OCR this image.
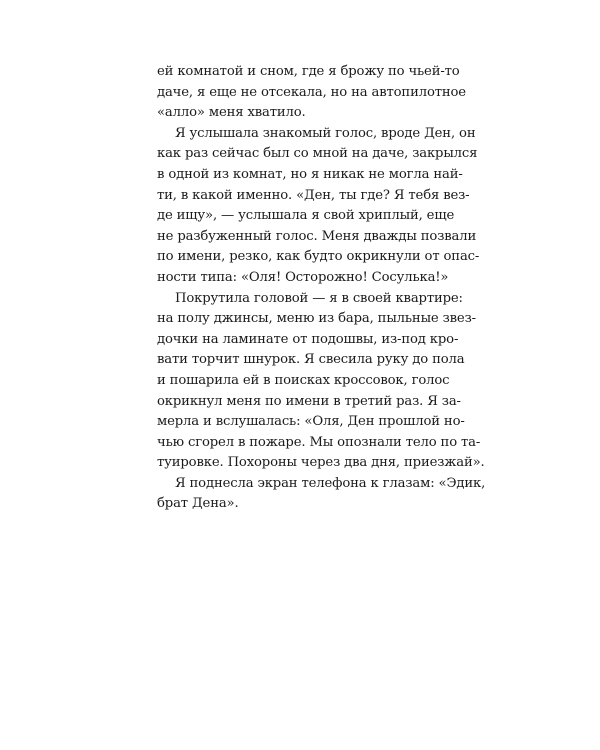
ей комнатой и сном, где я брожу по чьей-то
даче, я еще не отсекала, но на автопилотное
«алло» меня хватило.

Я услышала знакомый голос, вроде Ден, он
как раз сейчас был со мной на даче, закрылся
в одной из комнат, но я никак не могла най-
ти, в какой именно. «Ден, ты где? Я тебя вез-
де ищу», — услышала я свой хриплый, еще
не разбуженный голос. Меня дважды позвали
по имени, резко, как будто окрикнули от опас-
ности типа: «Оля! Осторожно! Сосулька!»

Покрутила головой — я в своей квартире:
на полу джинсы, меню из бара, пыльные звез-
дочки на ламинате от подошвы, из-под кро-
вати торчит шнурок. Я свесила руку до пола
и пошарила ей в поисках кроссовок, голос
окрикнул меня по имени в третий раз. Я за-
мерла и вслушалась: «Оля, Ден прошлой но-
чью сгорел в пожаре. Мы опознали тело по та-
туировке. Похороны через два дня, приезжай».

Я поднесла экран телефона к глазам: «Эдик,
брат Дена».
